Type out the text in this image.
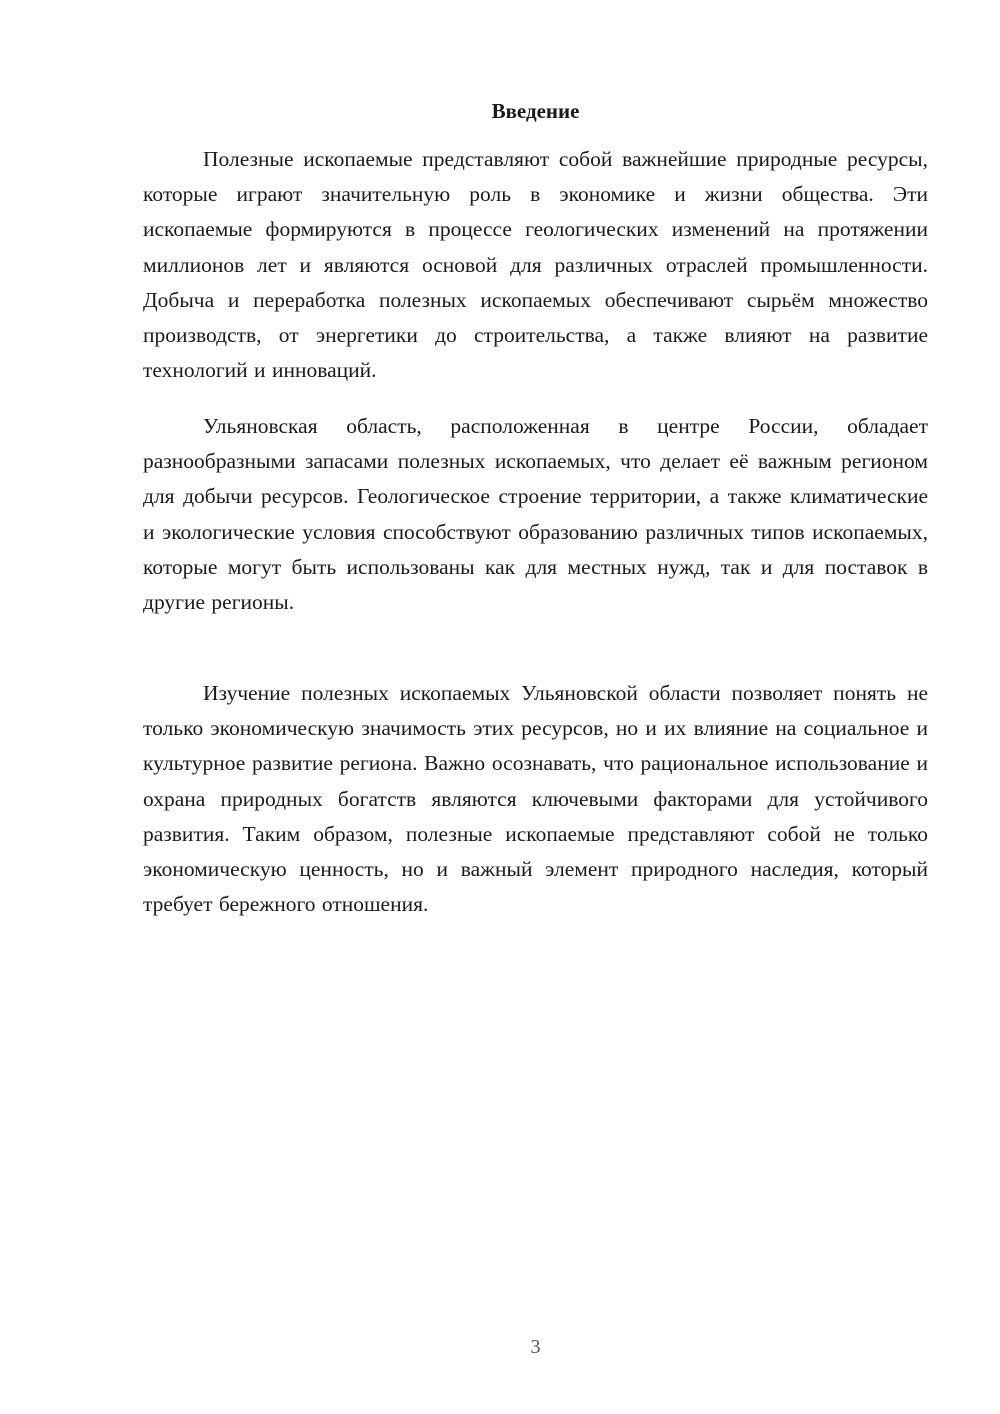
Введение

Полезные ископаемые представляют собой важнейшие природные ресурсы, которые играют значительную роль в экономике и жизни общества. Эти ископаемые формируются в процессе геологических изменений на протяжении миллионов лет и являются основой для различных отраслей промышленности. Добыча и переработка полезных ископаемых обеспечивают сырьём множество производств, от энергетики до строительства, а также влияют на развитие технологий и инноваций.

Ульяновская область, расположенная в центре России, обладает разнообразными запасами полезных ископаемых, что делает её важным регионом для добычи ресурсов. Геологическое строение территории, а также климатические и экологические условия способствуют образованию различных типов ископаемых, которые могут быть использованы как для местных нужд, так и для поставок в другие регионы.

Изучение полезных ископаемых Ульяновской области позволяет понять не только экономическую значимость этих ресурсов, но и их влияние на социальное и культурное развитие региона. Важно осознавать, что рациональное использование и охрана природных богатств являются ключевыми факторами для устойчивого развития. Таким образом, полезные ископаемые представляют собой не только экономическую ценность, но и важный элемент природного наследия, который требует бережного отношения.

3
